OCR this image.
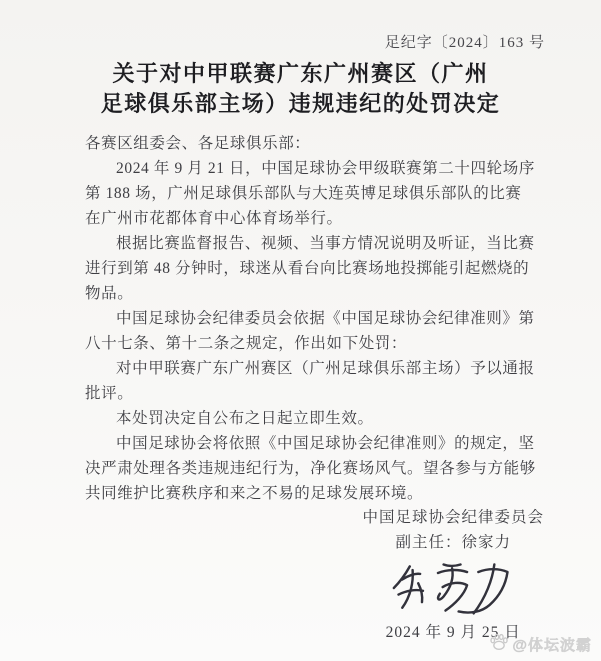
足纪字〔2024〕163 号
关于对中甲联赛广东广州赛区（广州
足球俱乐部主场）违规违纪的处罚决定
各赛区组委会、各足球俱乐部：
2024 年 9 月 21 日，中国足球协会甲级联赛第二十四轮场序
第 188 场，广州足球俱乐部队与大连英博足球俱乐部队的比赛
在广州市花都体育中心体育场举行。
根据比赛监督报告、视频、当事方情况说明及听证，当比赛
进行到第 48 分钟时，球迷从看台向比赛场地投掷能引起燃烧的
物品。
中国足球协会纪律委员会依据《中国足球协会纪律准则》第
八十七条、第十二条之规定，作出如下处罚：
对中甲联赛广东广州赛区（广州足球俱乐部主场）予以通报
批评。
本处罚决定自公布之日起立即生效。
中国足球协会将依照《中国足球协会纪律准则》的规定，坚
决严肃处理各类违规违纪行为，净化赛场风气。望各参与方能够
共同维护比赛秩序和来之不易的足球发展环境。
中国足球协会纪律委员会
副主任：徐家力
2024 年 9 月 25 日
@体坛波霸
